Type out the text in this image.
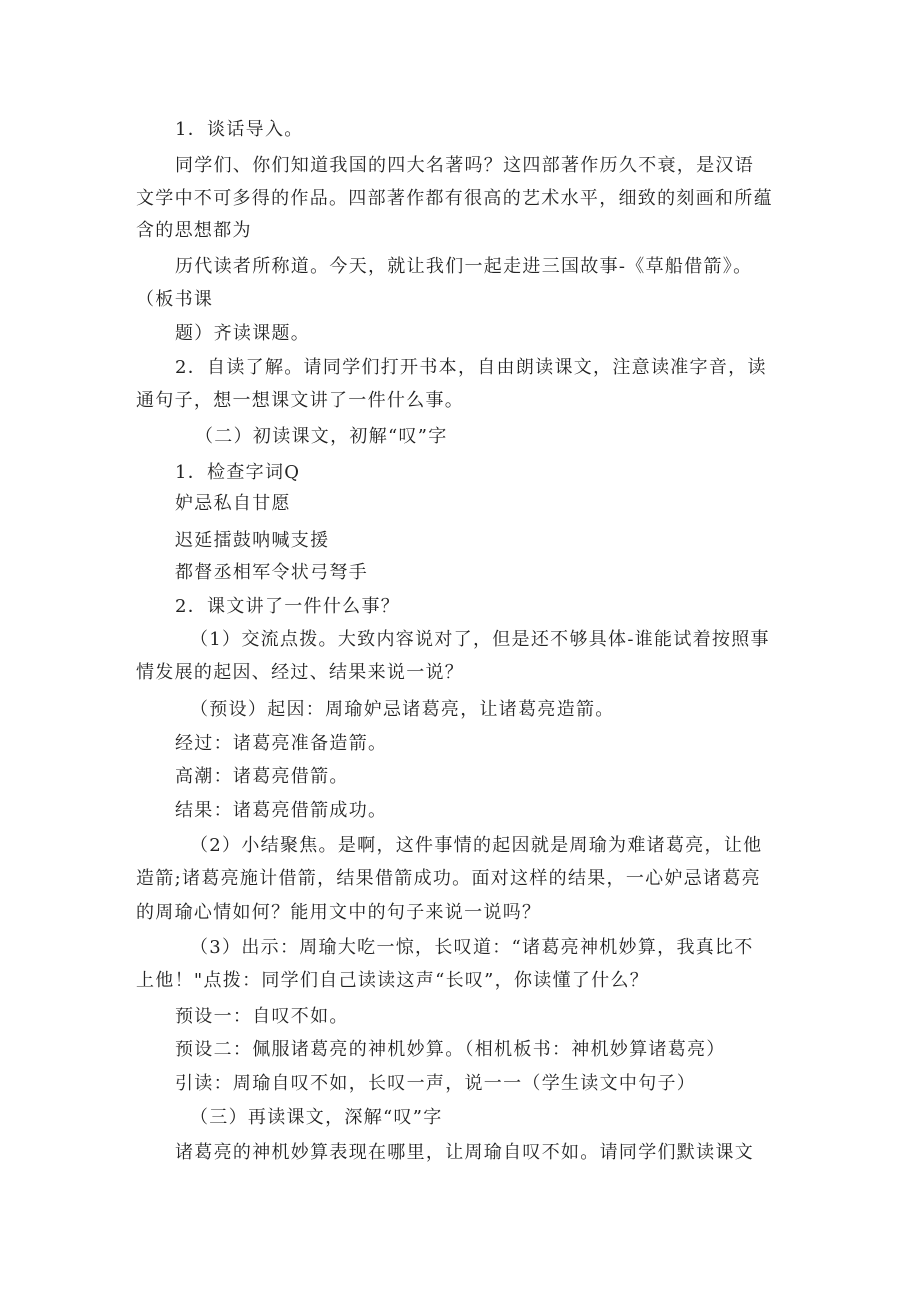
1．谈话导入。
同学们、你们知道我国的四大名著吗？这四部著作历久不衰，是汉语
文学中不可多得的作品。四部著作都有很高的艺术水平，细致的刻画和所蕴
含的思想都为
历代读者所称道。今天，就让我们一起走进三国故事-《草船借箭》。
（板书课
题）齐读课题。
2．自读了解。请同学们打开书本，自由朗读课文，注意读准字音，读
通句子，想一想课文讲了一件什么事。
（二）初读课文，初解“叹”字
1．检查字词Q
妒忌私自甘愿
迟延擂鼓呐喊支援
都督丞相军令状弓弩手
2．课文讲了一件什么事？
（1）交流点拨。大致内容说对了，但是还不够具体-谁能试着按照事
情发展的起因、经过、结果来说一说？
（预设）起因：周瑜妒忌诸葛亮，让诸葛亮造箭。
经过：诸葛亮准备造箭。
高潮：诸葛亮借箭。
结果：诸葛亮借箭成功。
（2）小结聚焦。是啊，这件事情的起因就是周瑜为难诸葛亮，让他
造箭;诸葛亮施计借箭，结果借箭成功。面对这样的结果，一心妒忌诸葛亮
的周瑜心情如何？能用文中的句子来说一说吗？
（3）出示：周瑜大吃一惊，长叹道：“诸葛亮神机妙算，我真比不
上他！"点拨：同学们自己读读这声“长叹”，你读懂了什么？
预设一：自叹不如。
预设二：佩服诸葛亮的神机妙算。（相机板书：神机妙算诸葛亮）
引读：周瑜自叹不如，长叹一声，说一一（学生读文中句子）
（三）再读课文，深解“叹”字
诸葛亮的神机妙算表现在哪里，让周瑜自叹不如。请同学们默读课文
